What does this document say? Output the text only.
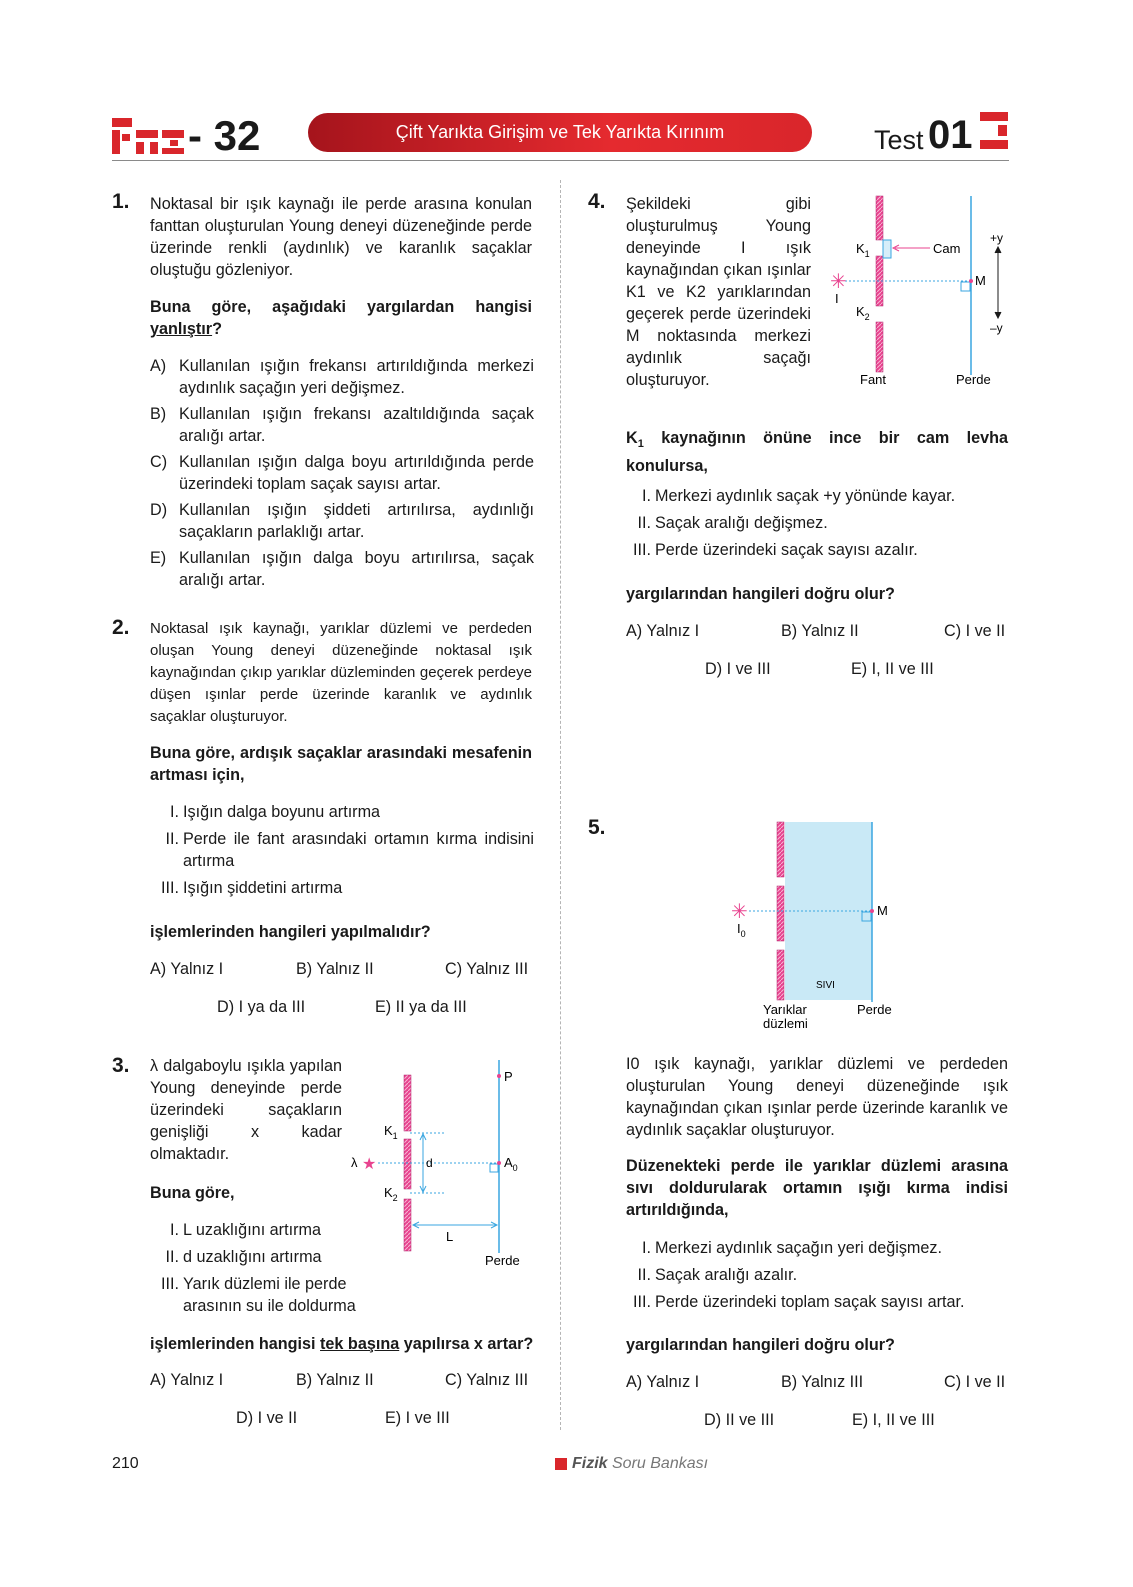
- 32	Çift Yarıkta Girişim ve Tek Yarıkta Kırınım	Test 01
1. Noktasal bir ışık kaynağı ile perde arasına konulan fanttan oluşturulan Young deneyi düzeneğinde perde üzerinde renkli (aydınlık) ve karanlık saçaklar oluştuğu gözleniyor.
Buna göre, aşağıdaki yargılardan hangisi yanlıştır?
A) Kullanılan ışığın frekansı artırıldığında merkezi aydınlık saçağın yeri değişmez.
B) Kullanılan ışığın frekansı azaltıldığında saçak aralığı artar.
C) Kullanılan ışığın dalga boyu artırıldığında perde üzerindeki toplam saçak sayısı artar.
D) Kullanılan ışığın şiddeti artırılırsa, aydınlığı saçakların parlaklığı artar.
E) Kullanılan ışığın dalga boyu artırılırsa, saçak aralığı artar.
2. Noktasal ışık kaynağı, yarıklar düzlemi ve perdeden oluşan Young deneyi düzeneğinde noktasal ışık kaynağından çıkıp yarıklar düzleminden geçerek perdeye düşen ışınlar perde üzerinde karanlık ve aydınlık saçaklar oluşturuyor.
Buna göre, ardışık saçaklar arasındaki mesafenin artması için,
I. Işığın dalga boyunu artırma
II. Perde ile fant arasındaki ortamın kırma indisini artırma
III. Işığın şiddetini artırma
işlemlerinden hangileri yapılmalıdır?
A) Yalnız I	B) Yalnız II	C) Yalnız III
D) I ya da III	E) II ya da III
3. λ dalgaboylu ışıkla yapılan Young deneyinde perde üzerindeki saçakların genişliği x kadar olmaktadır.
Buna göre,
I. L uzaklığını artırma
II. d uzaklığını artırma
III. Yarık düzlemi ile perde arasının su ile doldurma
işlemlerinden hangisi tek başına yapılırsa x artar?
A) Yalnız I	B) Yalnız II	C) Yalnız III
D) I ve II	E) I ve III
★
λ
P
$K_1$
$K_2$
d	$A_0$
L
Perde
4. Şekildeki gibi oluşturulmuş Young deneyinde I ışık kaynağından çıkan ışınlar K1 ve K2 yarıklarından geçerek perde üzerindeki M noktasında merkezi aydınlık saçağı oluşturuyor.
✳
I
$K_1$
$K_2$
Cam
M
+y
–y
Fant	Perde
$K_1$ kaynağının önüne ince bir cam levha konulursa,
I. Merkezi aydınlık saçak +y yönünde kayar.
II. Saçak aralığı değişmez.
III. Perde üzerindeki saçak sayısı azalır.
yargılarından hangileri doğru olur?
A) Yalnız I	B) Yalnız II	C) I ve II
D) I ve III	E) I, II ve III
5.
✳
$I_0$
M
SIVI
Yarıklar
düzlemi
Perde
I0 ışık kaynağı, yarıklar düzlemi ve perdeden oluşturulan Young deneyi düzeneğinde ışık kaynağından çıkan ışınlar perde üzerinde karanlık ve aydınlık saçaklar oluşturuyor.
Düzenekteki perde ile yarıklar düzlemi arasına sıvı doldurularak ortamın ışığı kırma indisi artırıldığında,
I. Merkezi aydınlık saçağın yeri değişmez.
II. Saçak aralığı azalır.
III. Perde üzerindeki toplam saçak sayısı artar.
yargılarından hangileri doğru olur?
A) Yalnız I	B) Yalnız III	C) I ve II
D) II ve III	E) I, II ve III
210	Fizik Soru Bankası
